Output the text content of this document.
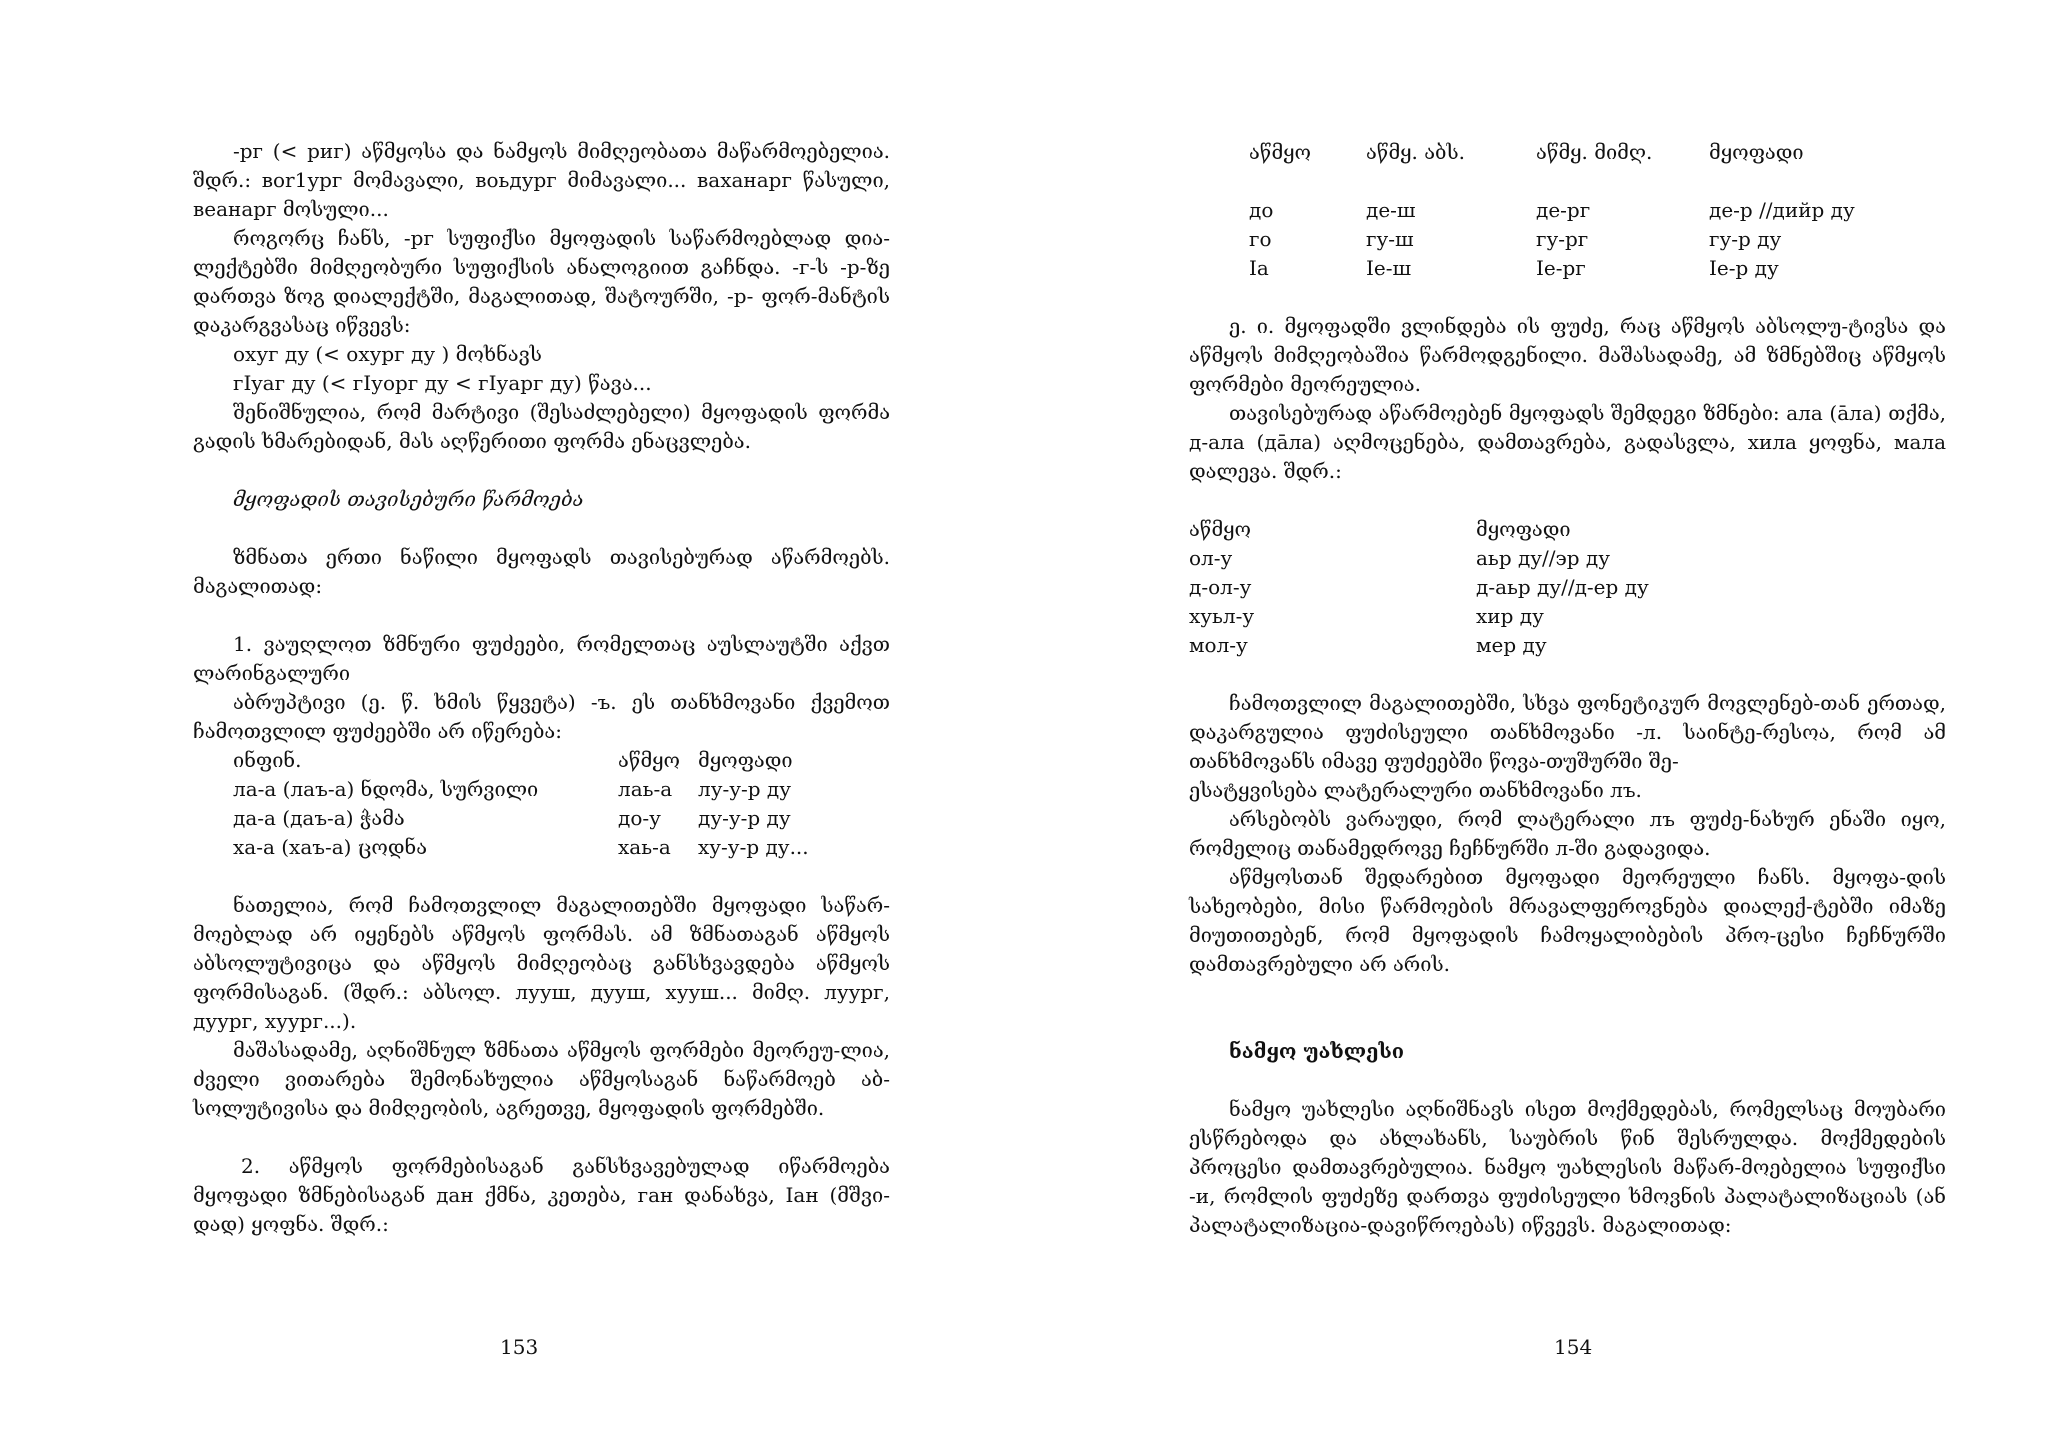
-рг (< риг) აწმყოსა და ნამყოს მიმღეობათა მაწარმოებელია. შდრ.: воr1ург მომავალი, воьдург მიმავალი... ваханарг წასული, веанарг მოსული...

როგორც ჩანს, -рг სუფიქსი მყოფადის საწარმოებლად დია-ლექტებში მიმღეობური სუფიქსის ანალოგიით გაჩნდა. -г-ს -р-ზე დართვა ზოგ დიალექტში, მაგალითად, შატოურში, -р- ფორ-მანტის დაკარგვასაც იწვევს:

охуг ду (< охург ду ) მოხნავს

гIyаг ду (< гIуорг ду < гIуарг ду) წავა...

შენიშნულია, რომ მარტივი (შესაძლებელი) მყოფადის ფორმა გადის ხმარებიდან, მას აღწერითი ფორმა ენაცვლება.

მყოფადის თავისებური წარმოება

ზმნათა ერთი ნაწილი მყოფადს თავისებურად აწარმოებს. მაგალითად:

1. ვაუღლოთ ზმნური ფუძეები, რომელთაც აუსლაუტში აქვთ ლარინგალური

აბრუპტივი (ე. წ. ხმის წყვეტა) -ъ. ეს თანხმოვანი ქვემოთ ჩამოთვლილ ფუძეებში არ იწერება:

ინფინ.	აწმყო	მყოფადი
ла-а (лаъ-а) ნდომა, სურვილი	лаь-а	лу-у-р ду
да-а (даъ-а) ჭამა	до-у	ду-у-р ду
ха-а (хаъ-а) ცოდნა	хаь-а	ху-у-р ду...

ნათელია, რომ ჩამოთვლილ მაგალითებში მყოფადი საწარ-მოებლად არ იყენებს აწმყოს ფორმას. ამ ზმნათაგან აწმყოს აბსოლუტივიცა და აწმყოს მიმღეობაც განსხვავდება აწმყოს ფორმისაგან. (შდრ.: აბსოლ. лууш, дууш, хууш... მიმღ. луург, дуург, хууpг...).

მაშასადამე, აღნიშნულ ზმნათა აწმყოს ფორმები მეორეუ-ლია, ძველი ვითარება შემონახულია აწმყოსაგან ნაწარმოებ აბ-სოლუტივისა და მიმღეობის, აგრეთვე, მყოფადის ფორმებში.

2. აწმყოს ფორმებისაგან განსხვავებულად იწარმოება მყოფადი ზმნებისაგან дан ქმნა, კეთება, ган დანახვა, Iан (მშვი-დად) ყოფნა. შდრ.:

153
აწმყო	აწმყ. აბს.	აწმყ. მიმღ.	მყოფადი

до	де-ш	де-рг	де-р //дийр ду
го	гу-ш	гу-рг	гу-р ду
Iа	Iе-ш	Iе-рг	Iе-р ду

ე. ი. მყოფადში ვლინდება ის ფუძე, რაც აწმყოს აბსოლუ-ტივსა და აწმყოს მიმღეობაშია წარმოდგენილი. მაშასადამე, ამ ზმნებშიც აწმყოს ფორმები მეორეულია.

თავისებურად აწარმოებენ მყოფადს შემდეგი ზმნები: ала (āла) თქმა, д-ала (дāла) აღმოცენება, დამთავრება, გადასვლა, хила ყოფნა, мала დალევა. შდრ.:

აწმყო	მყოფადი
ол-у	аьр ду//эр ду
д-ол-у	д-аьр ду//д-ер ду
хуьл-у	хир ду
мол-у	мер ду

ჩამოთვლილ მაგალითებში, სხვა ფონეტიკურ მოვლენებ-თან ერთად, დაკარგულია ფუძისეული თანხმოვანი -л. საინტე-რესოა, რომ ამ თანხმოვანს იმავე ფუძეებში წოვა-თუშურში შე-

ესატყვისება ლატერალური თანხმოვანი лъ.

არსებობს ვარაუდი, რომ ლატერალი лъ ფუძე-ნახურ ენაში იყო, რომელიც თანამედროვე ჩეჩნურში л-ში გადავიდა.

აწმყოსთან შედარებით მყოფადი მეორეული ჩანს. მყოფა-დის სახეობები, მისი წარმოების მრავალფეროვნება დიალექ-ტებში იმაზე მიუთითებენ, რომ მყოფადის ჩამოყალიბების პრო-ცესი ჩეჩნურში დამთავრებული არ არის.

ნამყო უახლესი

ნამყო უახლესი აღნიშნავს ისეთ მოქმედებას, რომელსაც მოუბარი ესწრებოდა და ახლახანს, საუბრის წინ შესრულდა. მოქმედების პროცესი დამთავრებულია. ნამყო უახლესის მაწარ-მოებელია სუფიქსი -и, რომლის ფუძეზე დართვა ფუძისეული ხმოვნის პალატალიზაციას (ან პალატალიზაცია-დავიწროებას) იწვევს. მაგალითად:

154
